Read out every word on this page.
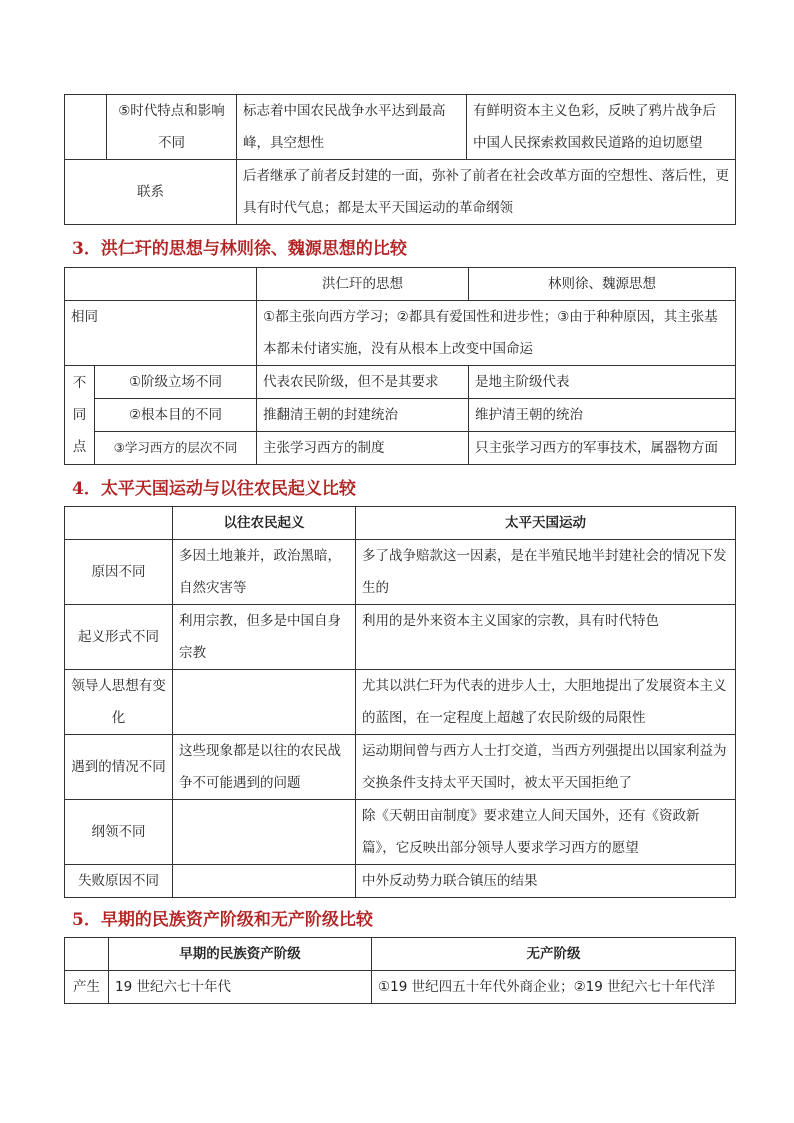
	⑤时代特点和影响不同	标志着中国农民战争水平达到最高峰，具空想性	有鲜明资本主义色彩，反映了鸦片战争后中国人民探索救国救民道路的迫切愿望
联系		后者继承了前者反封建的一面，弥补了前者在社会改革方面的空想性、落后性，更具有时代气息；都是太平天国运动的革命纲领	
3．洪仁玕的思想与林则徐、魏源思想的比较
		洪仁玕的思想	林则徐、魏源思想
相同		①都主张向西方学习；②都具有爱国性和进步性；③由于种种原因，其主张基本都未付诸实施，没有从根本上改变中国命运	

不
同
点	①阶级立场不同	代表农民阶级，但不是其要求	是地主阶级代表
	②根本目的不同	推翻清王朝的封建统治	维护清王朝的统治
	③学习西方的层次不同	主张学习西方的制度	只主张学习西方的军事技术，属器物方面
4．太平天国运动与以往农民起义比较
	以往农民起义	太平天国运动
原因不同	多因土地兼并，政治黑暗，自然灾害等	多了战争赔款这一因素，是在半殖民地半封建社会的情况下发生的
起义形式不同	利用宗教，但多是中国自身宗教	利用的是外来资本主义国家的宗教，具有时代特色
领导人思想有变化		尤其以洪仁玕为代表的进步人士，大胆地提出了发展资本主义的蓝图，在一定程度上超越了农民阶级的局限性
遇到的情况不同	这些现象都是以往的农民战争不可能遇到的问题	运动期间曾与西方人士打交道，当西方列强提出以国家利益为交换条件支持太平天国时，被太平天国拒绝了
纲领不同		除《天朝田亩制度》要求建立人间天国外，还有《资政新篇》，它反映出部分领导人要求学习西方的愿望
失败原因不同		中外反动势力联合镇压的结果
5．早期的民族资产阶级和无产阶级比较
	早期的民族资产阶级	无产阶级
产生	19 世纪六七十年代	①19 世纪四五十年代外商企业；②19 世纪六七十年代洋
